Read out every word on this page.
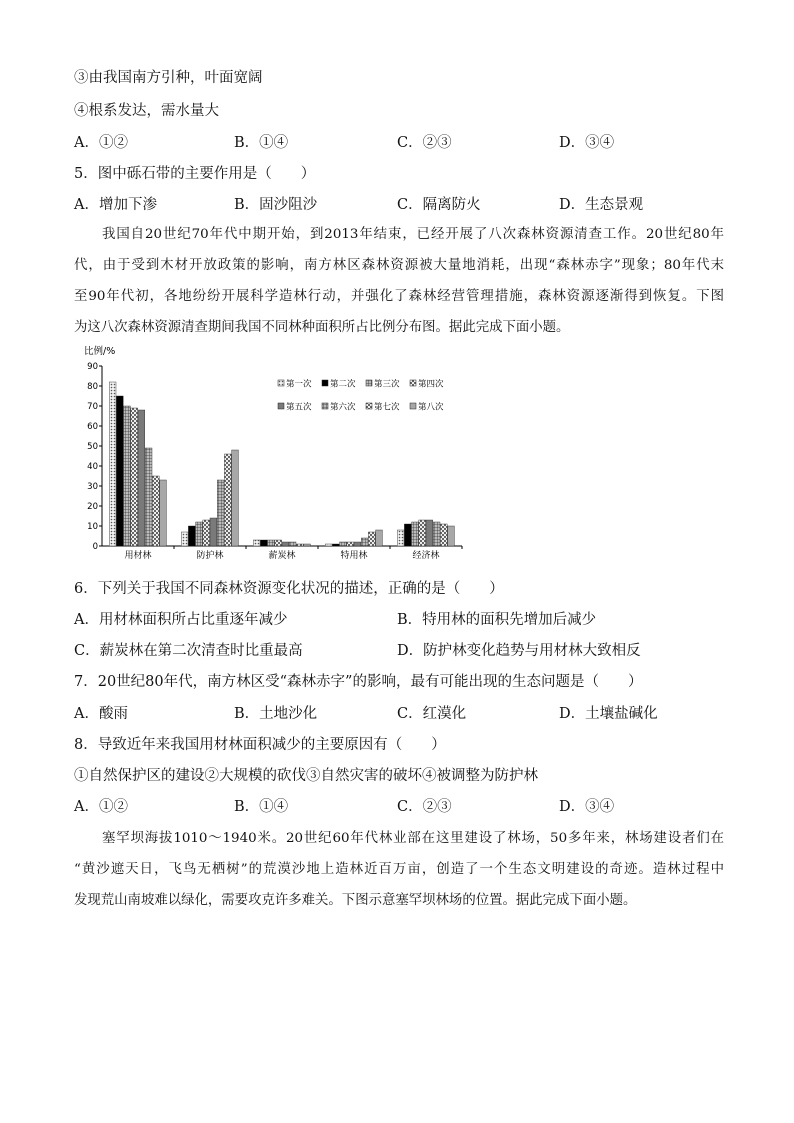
③由我国南方引种，叶面宽阔
④根系发达，需水量大
A．①②	B．①④	C．②③	D．③④
5．图中砾石带的主要作用是（　　）
A．增加下渗	B．固沙阻沙	C．隔离防火	D．生态景观

我国自20世纪70年代中期开始，到2013年结束，已经开展了八次森林资源清查工作。20世纪80年

代，由于受到木材开放政策的影响，南方林区森林资源被大量地消耗，出现“森林赤字”现象；80年代末

至90年代初，各地纷纷开展科学造林行动，并强化了森林经营管理措施，森林资源逐渐得到恢复。下图

为这八次森林资源清查期间我国不同林种面积所占比例分布图。据此完成下面小题。

比例/%
0
10
20
30
40
50
60
70
80
90
用材林	防护林	薪炭林	特用林	经济林
第一次 第二次 第三次 第四次
第五次 第六次 第七次 第八次
6．下列关于我国不同森林资源变化状况的描述，正确的是（　　）
A．用材林面积所占比重逐年减少	B．特用林的面积先增加后减少
C．薪炭林在第二次清查时比重最高	D．防护林变化趋势与用材林大致相反
7．20世纪80年代，南方林区受“森林赤字”的影响，最有可能出现的生态问题是（　　）
A．酸雨	B．土地沙化	C．红漠化	D．土壤盐碱化
8．导致近年来我国用材林面积减少的主要原因有（　　）
①自然保护区的建设②大规模的砍伐③自然灾害的破坏④被调整为防护林
A．①②	B．①④	C．②③	D．③④

塞罕坝海拔1010～1940米。20世纪60年代林业部在这里建设了林场，50多年来，林场建设者们在

“黄沙遮天日，飞鸟无栖树”的荒漠沙地上造林近百万亩，创造了一个生态文明建设的奇迹。造林过程中

发现荒山南坡难以绿化，需要攻克许多难关。下图示意塞罕坝林场的位置。据此完成下面小题。
